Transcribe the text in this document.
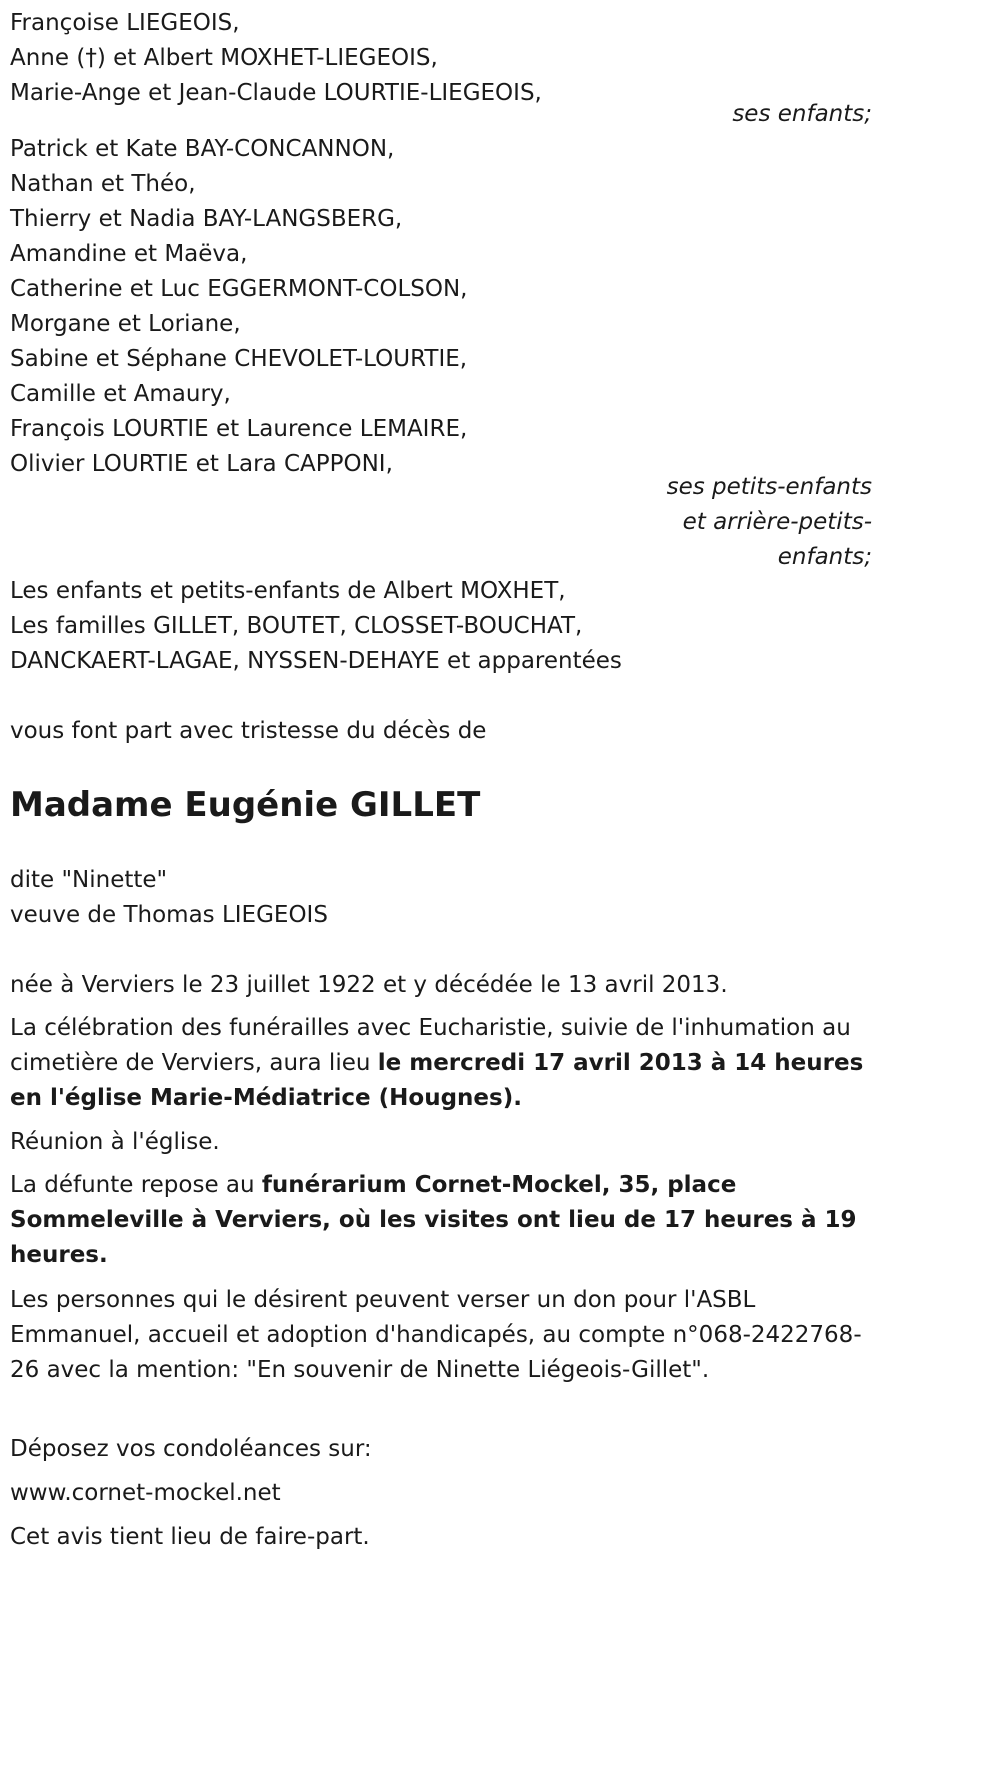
Françoise LIEGEOIS,
Anne (†) et Albert MOXHET-LIEGEOIS,
Marie-Ange et Jean-Claude LOURTIE-LIEGEOIS,
ses enfants;
Patrick et Kate BAY-CONCANNON,
Nathan et Théo,
Thierry et Nadia BAY-LANGSBERG,
Amandine et Maëva,
Catherine et Luc EGGERMONT-COLSON,
Morgane et Loriane,
Sabine et Séphane CHEVOLET-LOURTIE,
Camille et Amaury,
François LOURTIE et Laurence LEMAIRE,
Olivier LOURTIE et Lara CAPPONI,
ses petits-enfants
et arrière-petits-
enfants;
Les enfants et petits-enfants de Albert MOXHET,
Les familles GILLET, BOUTET, CLOSSET-BOUCHAT,
DANCKAERT-LAGAE, NYSSEN-DEHAYE et apparentées
vous font part avec tristesse du décès de
Madame Eugénie GILLET
dite "Ninette"
veuve de Thomas LIEGEOIS
née à Verviers le 23 juillet 1922 et y décédée le 13 avril 2013.
La célébration des funérailles avec Eucharistie, suivie de l'inhumation au cimetière de Verviers, aura lieu le mercredi 17 avril 2013 à 14 heures en l'église Marie-Médiatrice (Hougnes).
Réunion à l'église.
La défunte repose au funérarium Cornet-Mockel, 35, place Sommeleville à Verviers, où les visites ont lieu de 17 heures à 19 heures.
Les personnes qui le désirent peuvent verser un don pour l'ASBL Emmanuel, accueil et adoption d'handicapés, au compte n°068-2422768-26 avec la mention: "En souvenir de Ninette Liégeois-Gillet".
Déposez vos condoléances sur:
www.cornet-mockel.net
Cet avis tient lieu de faire-part.
